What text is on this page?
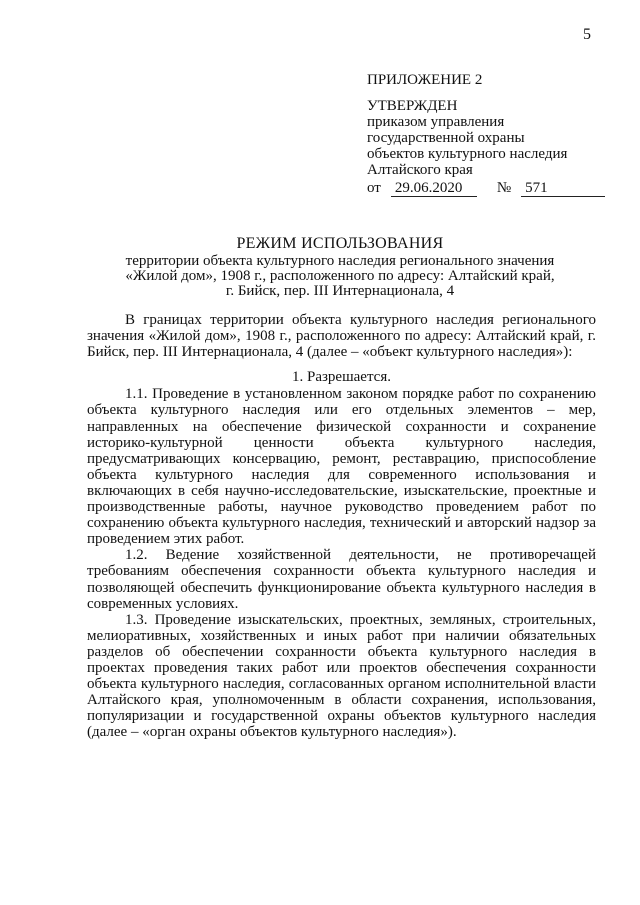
5
ПРИЛОЖЕНИЕ 2
УТВЕРЖДЕН
приказом управления
государственной охраны
объектов культурного наследия
Алтайского края
от 29.06.2020	№ 571
РЕЖИМ ИСПОЛЬЗОВАНИЯ
территории объекта культурного наследия регионального значения
«Жилой дом», 1908 г., расположенного по адресу: Алтайский край,
г. Бийск, пер. III Интернационала, 4

В границах территории объекта культурного наследия регионального значения «Жилой дом», 1908 г., расположенного по адресу: Алтайский край, г. Бийск, пер. III Интернационала, 4 (далее – «объект культурного наследия»):

1. Разрешается.

1.1. Проведение в установленном законом порядке работ по сохранению объекта культурного наследия или его отдельных элементов – мер, направленных на обеспечение физической сохранности и сохранение историко-культурной ценности объекта культурного наследия, предусматривающих консервацию, ремонт, реставрацию, приспособление объекта культурного наследия для современного использования и включающих в себя научно-исследовательские, изыскательские, проектные и производственные работы, научное руководство проведением работ по сохранению объекта культурного наследия, технический и авторский надзор за проведением этих работ.

1.2. Ведение хозяйственной деятельности, не противоречащей требованиям обеспечения сохранности объекта культурного наследия и позволяющей обеспечить функционирование объекта культурного наследия в современных условиях.

1.3. Проведение изыскательских, проектных, земляных, строительных, мелиоративных, хозяйственных и иных работ при наличии обязательных разделов об обеспечении сохранности объекта культурного наследия в проектах проведения таких работ или проектов обеспечения сохранности объекта культурного наследия, согласованных органом исполнительной власти Алтайского края, уполномоченным в области сохранения, использования, популяризации и государственной охраны объектов культурного наследия (далее – «орган охраны объектов культурного наследия»).
